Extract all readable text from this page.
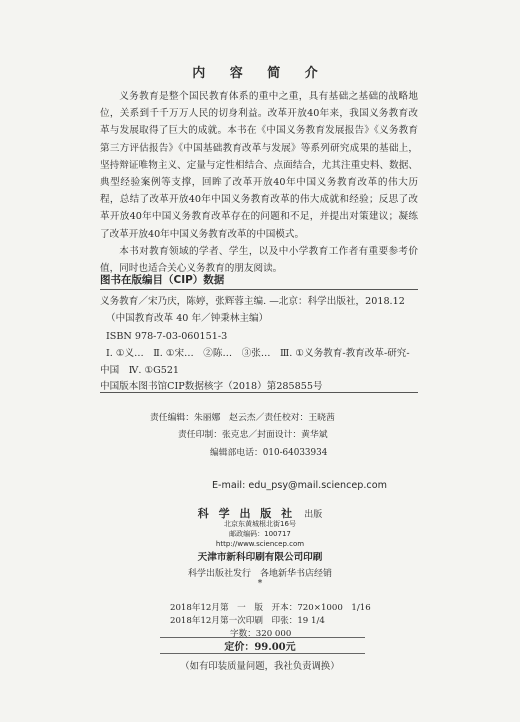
内 容 简 介

义务教育是整个国民教育体系的重中之重，具有基础之基础的战略地位，关系到千千万万人民的切身利益。改革开放40年来，我国义务教育改革与发展取得了巨大的成就。本书在《中国义务教育发展报告》《义务教育第三方评估报告》《中国基础教育改革与发展》等系列研究成果的基础上，坚持辩证唯物主义、定量与定性相结合、点面结合，尤其注重史料、数据、典型经验案例等支撑，回眸了改革开放40年中国义务教育改革的伟大历程，总结了改革开放40年中国义务教育改革的伟大成就和经验；反思了改革开放40年中国义务教育改革存在的问题和不足，并提出对策建议；凝练了改革开放40年中国义务教育改革的中国模式。

本书对教育领域的学者、学生，以及中小学教育工作者有重要参考价值，同时也适合关心义务教育的朋友阅读。

图书在版编目（CIP）数据
义务教育／宋乃庆，陈婷，张辉蓉主编. —北京：科学出版社，2018.12
（中国教育改革 40 年／钟秉林主编）
ISBN 978-7-03-060151-3
Ⅰ. ①义…　Ⅱ. ①宋…　②陈…　③张…　Ⅲ. ①义务教育-教育改革-研究-
中国　Ⅳ. ①G521
中国版本图书馆CIP数据核字（2018）第285855号
责任编辑：朱丽娜　赵云杰／责任校对：王晓茜
责任印制：张克忠／封面设计：黄华斌
编辑部电话：010-64033934
E-mail: edu_psy@mail.sciencep.com
科 学 出 版 社 出版
北京东黄城根北街16号
邮政编码：100717
http://www.sciencep.com
天津市新科印刷有限公司印刷
科学出版社发行　各地新华书店经销
*
2018年12月第　一　版　开本：720×1000　1/16
2018年12月第一次印刷　印张：19 1/4
字数：320 000
定价：99.00元
（如有印装质量问题，我社负责调换）
